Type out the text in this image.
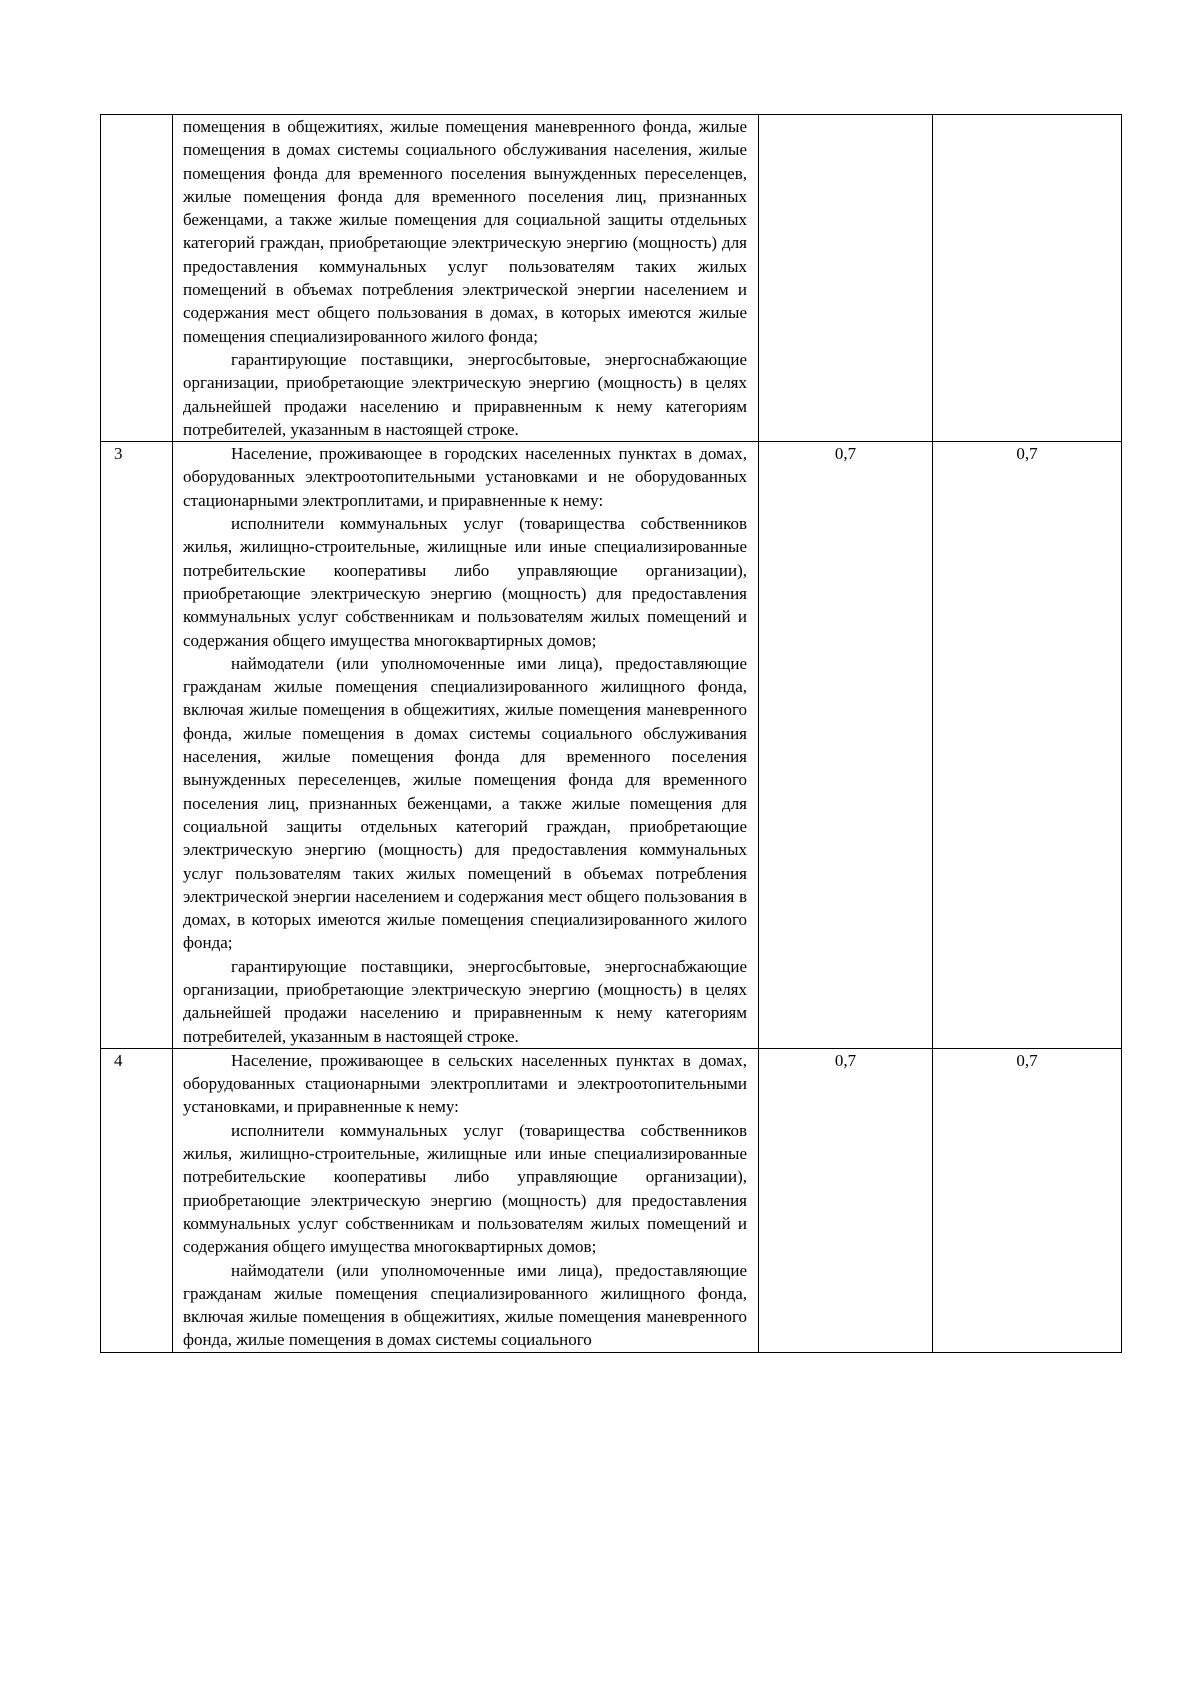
	помещения в общежитиях, жилые помещения маневренного фонда, жилые помещения в домах системы социального обслуживания населения, жилые помещения фонда для временного поселения вынужденных переселенцев, жилые помещения фонда для временного поселения лиц, признанных беженцами, а также жилые помещения для социальной защиты отдельных категорий граждан, приобретающие электрическую энергию (мощность) для предоставления коммунальных услуг пользователям таких жилых помещений в объемах потребления электрической энергии населением и содержания мест общего пользования в домах, в которых имеются жилые помещения специализированного жилого фонда;

гарантирующие поставщики, энергосбытовые, энергоснабжающие организации, приобретающие электрическую энергию (мощность) в целях дальнейшей продажи населению и приравненным к нему категориям потребителей, указанным в настоящей строке.		

3	Население, проживающее в городских населенных пунктах в домах, оборудованных электроотопительными установками и не оборудованных стационарными электроплитами, и приравненные к нему:

исполнители коммунальных услуг (товарищества собственников жилья, жилищно-строительные, жилищные или иные специализированные потребительские кооперативы либо управляющие организации), приобретающие электрическую энергию (мощность) для предоставления коммунальных услуг собственникам и пользователям жилых помещений и содержания общего имущества многоквартирных домов;

наймодатели (или уполномоченные ими лица), предоставляющие гражданам жилые помещения специализированного жилищного фонда, включая жилые помещения в общежитиях, жилые помещения маневренного фонда, жилые помещения в домах системы социального обслуживания населения, жилые помещения фонда для временного поселения вынужденных переселенцев, жилые помещения фонда для временного поселения лиц, признанных беженцами, а также жилые помещения для социальной защиты отдельных категорий граждан, приобретающие электрическую энергию (мощность) для предоставления коммунальных услуг пользователям таких жилых помещений в объемах потребления электрической энергии населением и содержания мест общего пользования в домах, в которых имеются жилые помещения специализированного жилого фонда;

гарантирующие поставщики, энергосбытовые, энергоснабжающие организации, приобретающие электрическую энергию (мощность) в целях дальнейшей продажи населению и приравненным к нему категориям потребителей, указанным в настоящей строке.	0,7	0,7
4	Население, проживающее в сельских населенных пунктах в домах, оборудованных стационарными электроплитами и электроотопительными установками, и приравненные к нему:

исполнители коммунальных услуг (товарищества собственников жилья, жилищно-строительные, жилищные или иные специализированные потребительские кооперативы либо управляющие организации), приобретающие электрическую энергию (мощность) для предоставления коммунальных услуг собственникам и пользователям жилых помещений и содержания общего имущества многоквартирных домов;

наймодатели (или уполномоченные ими лица), предоставляющие гражданам жилые помещения специализированного жилищного фонда, включая жилые помещения в общежитиях, жилые помещения маневренного фонда, жилые помещения в домах системы социального	0,7	0,7
